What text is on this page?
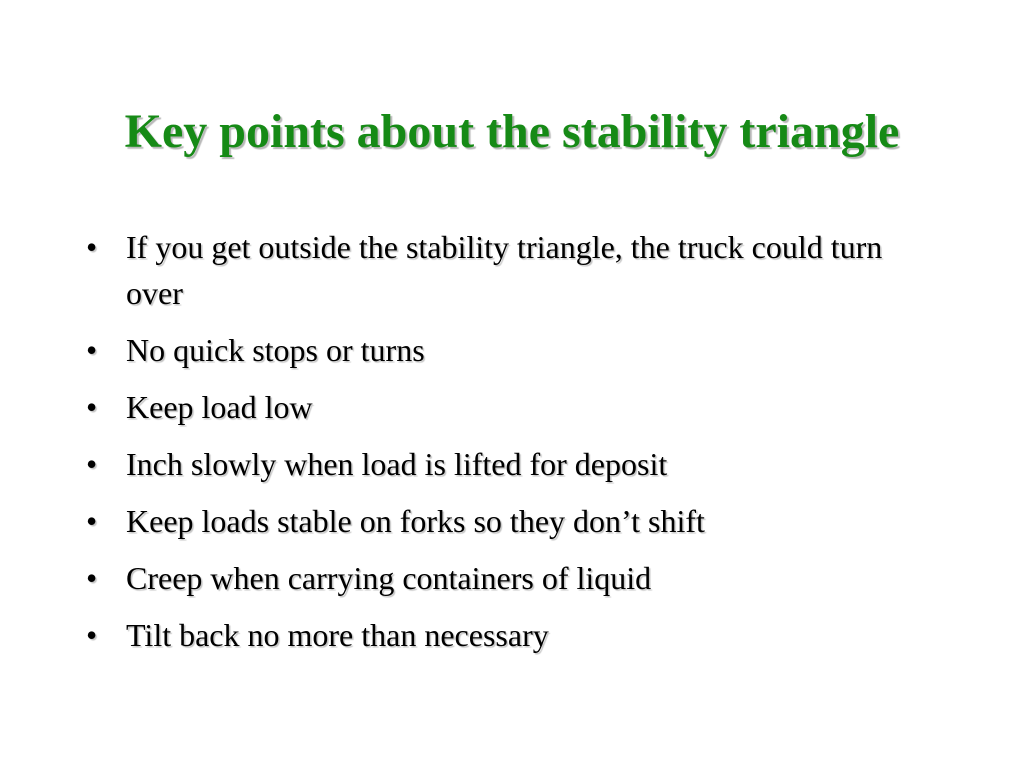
Key points about the stability triangle
• If you get outside the stability triangle, the truck could turn over
• No quick stops or turns
• Keep load low
• Inch slowly when load is lifted for deposit
• Keep loads stable on forks so they don’t shift
• Creep when carrying containers of liquid
• Tilt back no more than necessary
